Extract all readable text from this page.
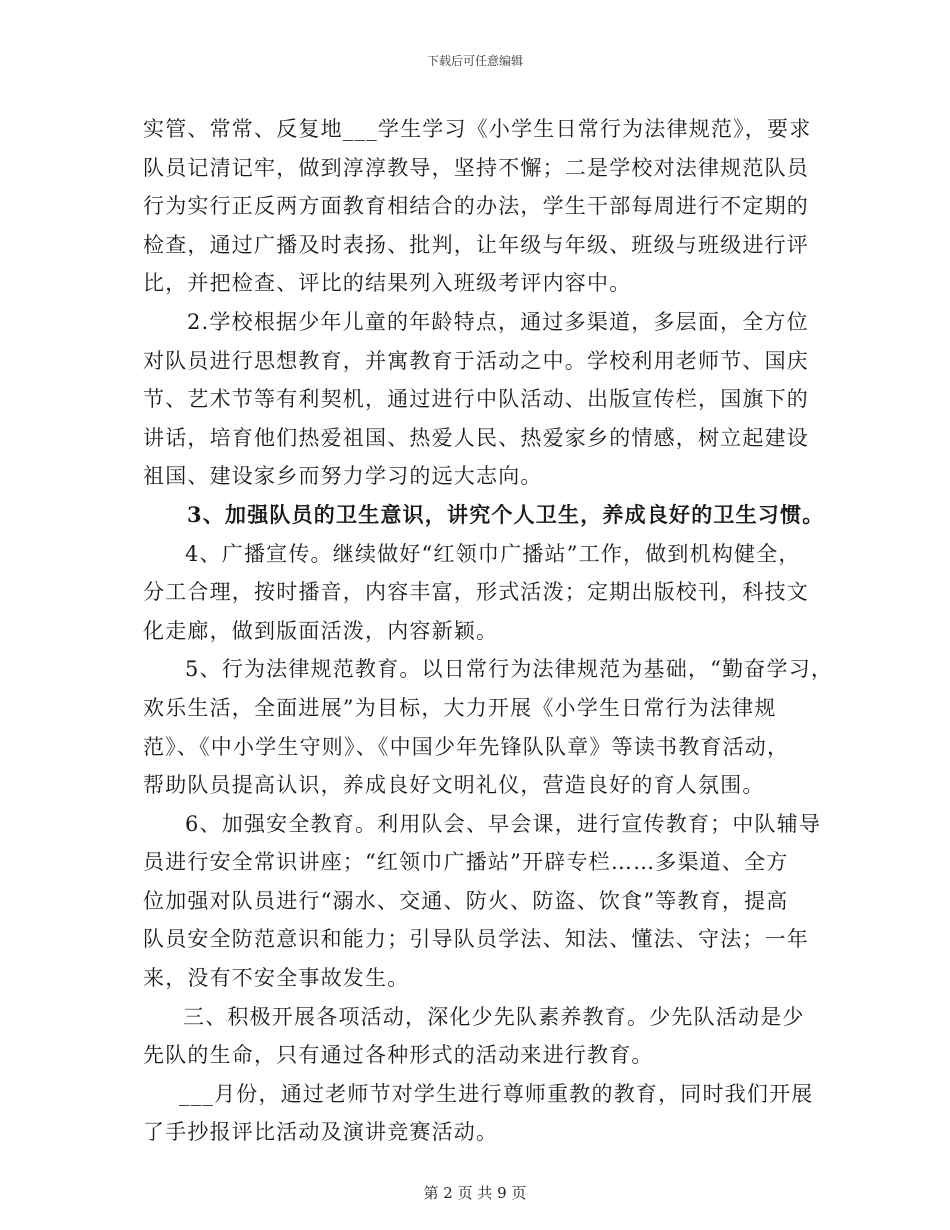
下载后可任意编辑
实管、常常、反复地___学生学习《小学生日常行为法律规范》，要求
队员记清记牢，做到淳淳教导，坚持不懈；二是学校对法律规范队员
行为实行正反两方面教育相结合的办法，学生干部每周进行不定期的
检查，通过广播及时表扬、批判，让年级与年级、班级与班级进行评
比，并把检查、评比的结果列入班级考评内容中。
2.学校根据少年儿童的年龄特点，通过多渠道，多层面，全方位
对队员进行思想教育，并寓教育于活动之中。学校利用老师节、国庆
节、艺术节等有利契机，通过进行中队活动、出版宣传栏，国旗下的
讲话，培育他们热爱祖国、热爱人民、热爱家乡的情感，树立起建设
祖国、建设家乡而努力学习的远大志向。
3、加强队员的卫生意识，讲究个人卫生，养成良好的卫生习惯。
4、广播宣传。继续做好“红领巾广播站”工作，做到机构健全，
分工合理，按时播音，内容丰富，形式活泼；定期出版校刊，科技文
化走廊，做到版面活泼，内容新颖。
5、行为法律规范教育。以日常行为法律规范为基础，“勤奋学习，
欢乐生活，全面进展”为目标，大力开展《小学生日常行为法律规
范》、《中小学生守则》、《中国少年先锋队队章》等读书教育活动，
帮助队员提高认识，养成良好文明礼仪，营造良好的育人氛围。
6、加强安全教育。利用队会、早会课，进行宣传教育；中队辅导
员进行安全常识讲座；“红领巾广播站”开辟专栏……多渠道、全方
位加强对队员进行“溺水、交通、防火、防盗、饮食”等教育，提高
队员安全防范意识和能力；引导队员学法、知法、懂法、守法；一年
来，没有不安全事故发生。
三、积极开展各项活动，深化少先队素养教育。少先队活动是少
先队的生命，只有通过各种形式的活动来进行教育。
___月份，通过老师节对学生进行尊师重教的教育，同时我们开展
了手抄报评比活动及演讲竞赛活动。
第 2 页 共 9 页
